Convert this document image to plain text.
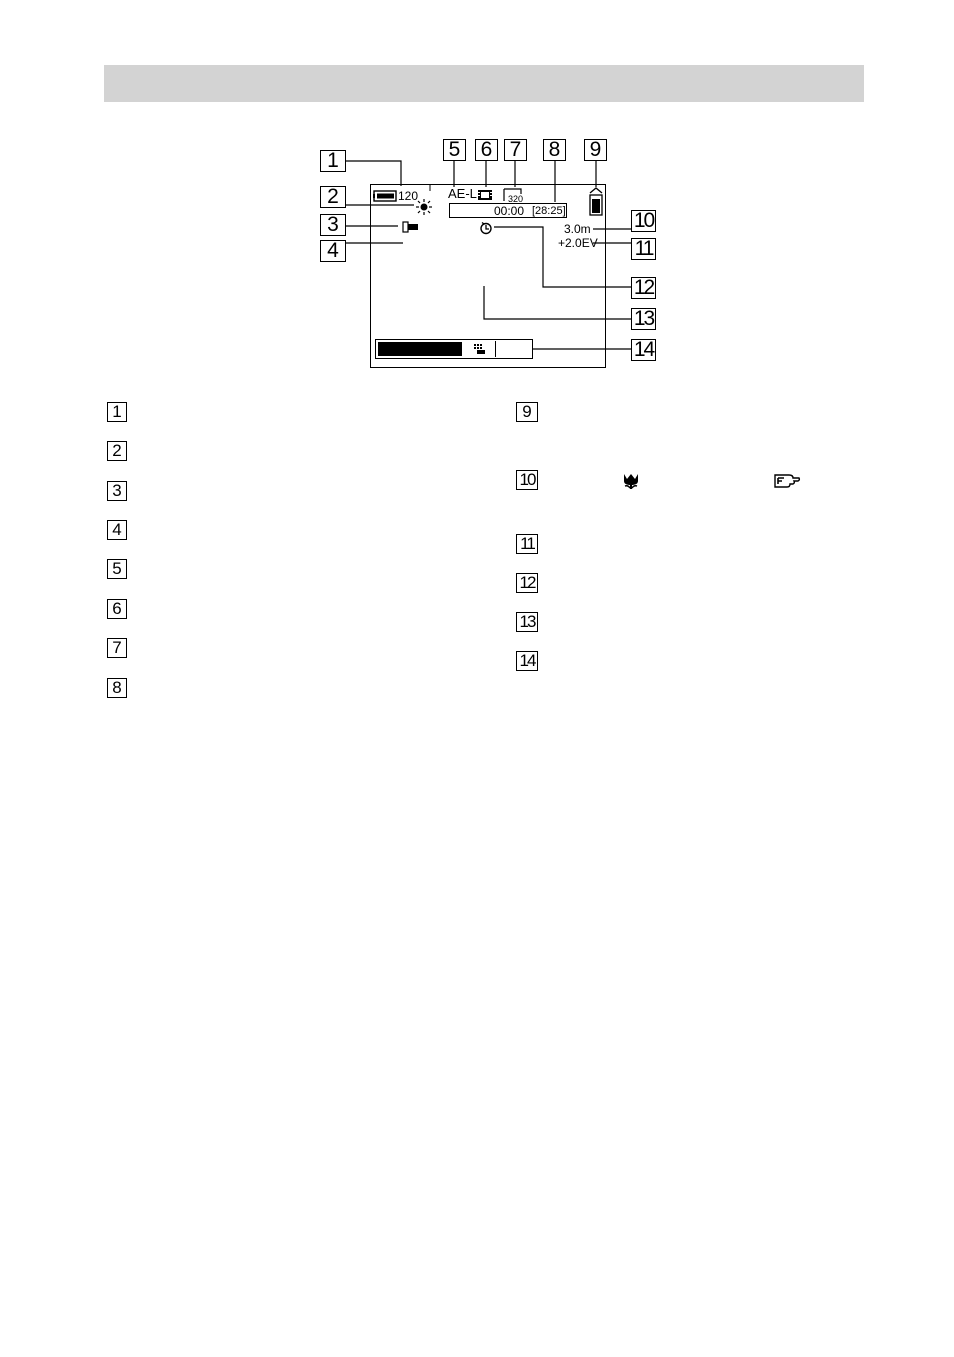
120 AE-L	320
00:00 [28:25]
3.0m
+2.0EV
1
2
3
4
5 6 7 8 9
10
11
12
13
14
1
2
3
4
5
6
7
8
9
10
11
12
13
14
